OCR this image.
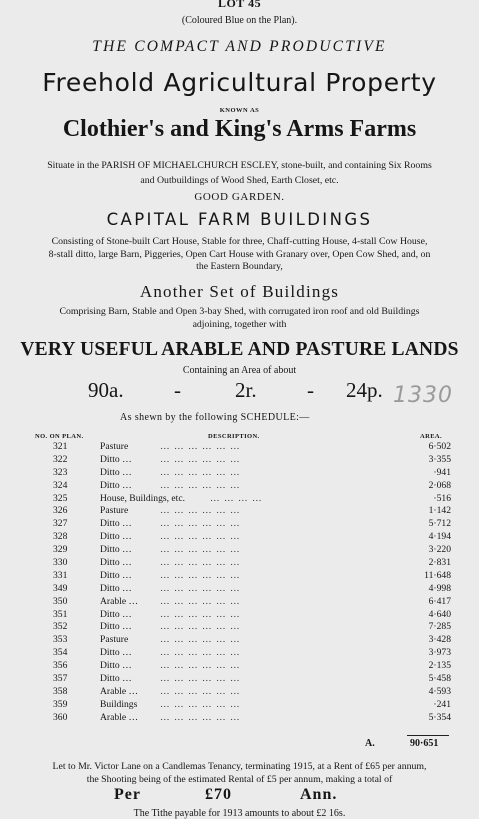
LOT 45
(Coloured Blue on the Plan).
THE COMPACT AND PRODUCTIVE
Freehold Agricultural Property
KNOWN AS
Clothier's and King's Arms Farms
Situate in the PARISH OF MICHAELCHURCH ESCLEY, stone-built, and containing Six Rooms
and Outbuildings of Wood Shed, Earth Closet, etc.
GOOD GARDEN.
CAPITAL FARM BUILDINGS
Consisting of Stone-built Cart House, Stable for three, Chaff-cutting House, 4-stall Cow House,
8-stall ditto, large Barn, Piggeries, Open Cart House with Granary over, Open Cow Shed, and, on
the Eastern Boundary,
Another Set of Buildings
Comprising Barn, Stable and Open 3-bay Shed, with corrugated iron roof and old Buildings
adjoining, together with
VERY USEFUL ARABLE AND PASTURE LANDS
Containing an Area of about
90a. -	2r. - 24p. 1330
As shewn by the following SCHEDULE:—
NO. ON PLAN.	DESCRIPTION.	AREA.
321	Pasture	… … … … … …	6·502
322	Ditto …	… … … … … …	3·355
323	Ditto …	… … … … … …	·941
324	Ditto …	… … … … … …	2·068
325	House, Buildings, etc.	… … … …	·516
326	Pasture	… … … … … …	1·142
327	Ditto …	… … … … … …	5·712
328	Ditto …	… … … … … …	4·194
329	Ditto …	… … … … … …	3·220
330	Ditto …	… … … … … …	2·831
331	Ditto …	… … … … … …	11·648
349	Ditto …	… … … … … …	4·998
350	Arable … … … … … … …	6·417
351	Ditto …	… … … … … …	4·640
352	Ditto …	… … … … … …	7·285
353	Pasture	… … … … … …	3·428
354	Ditto …	… … … … … …	3·973
356	Ditto …	… … … … … …	2·135
357	Ditto …	… … … … … …	5·458
358	Arable … … … … … … …	4·593
359	Buildings … … … … … …	·241
360	Arable … … … … … … …	5·354
A.	90·651
Let to Mr. Victor Lane on a Candlemas Tenancy, terminating 1915, at a Rent of £65 per annum,
the Shooting being of the estimated Rental of £5 per annum, making a total of
Per	£70	Ann.
The Tithe payable for 1913 amounts to about £2 16s.
